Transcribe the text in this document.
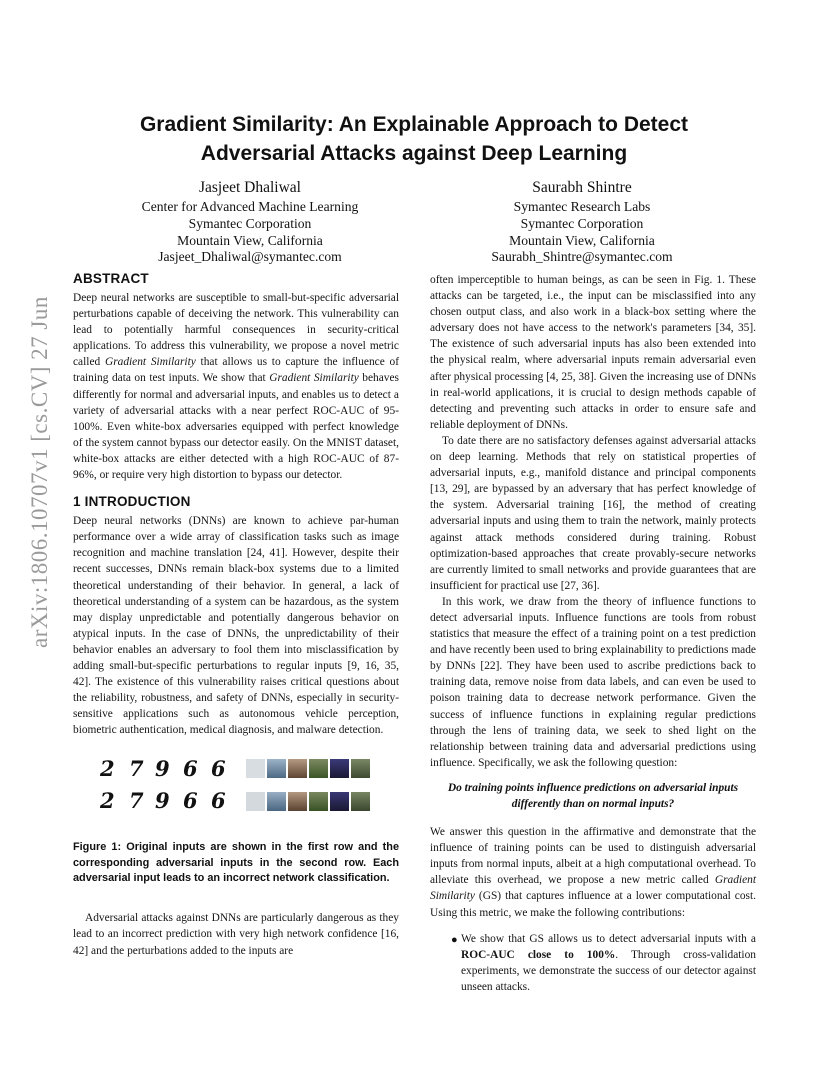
arXiv:1806.10707v1 [cs.CV] 27 Jun 2018
Gradient Similarity: An Explainable Approach to Detect
Adversarial Attacks against Deep Learning
Jasjeet Dhaliwal
Center for Advanced Machine Learning
Symantec Corporation
Mountain View, California
Jasjeet_Dhaliwal@symantec.com
Saurabh Shintre
Symantec Research Labs
Symantec Corporation
Mountain View, California
Saurabh_Shintre@symantec.com
ABSTRACT

Deep neural networks are susceptible to small-but-specific adversarial perturbations capable of deceiving the network. This vulnerability can lead to potentially harmful consequences in security-critical applications. To address this vulnerability, we propose a novel metric called Gradient Similarity that allows us to capture the influence of training data on test inputs. We show that Gradient Similarity behaves differently for normal and adversarial inputs, and enables us to detect a variety of adversarial attacks with a near perfect ROC-AUC of 95-100%. Even white-box adversaries equipped with perfect knowledge of the system cannot bypass our detector easily. On the MNIST dataset, white-box attacks are either detected with a high ROC-AUC of 87-96%, or require very high distortion to bypass our detector.

1 INTRODUCTION

Deep neural networks (DNNs) are known to achieve par-human performance over a wide array of classification tasks such as image recognition and machine translation [24, 41]. However, despite their recent successes, DNNs remain black-box systems due to a limited theoretical understanding of their behavior. In general, a lack of theoretical understanding of a system can be hazardous, as the system may display unpredictable and potentially dangerous behavior on atypical inputs. In the case of DNNs, the unpredictability of their behavior enables an adversary to fool them into misclassification by adding small-but-specific perturbations to regular inputs [9, 16, 35, 42]. The existence of this vulnerability raises critical questions about the reliability, robustness, and safety of DNNs, especially in security-sensitive applications such as autonomous vehicle perception, biometric authentication, medical diagnosis, and malware detection.

2 7 9 6 6
2 7 9 6 6

Figure 1: Original inputs are shown in the first row and the corresponding adversarial inputs in the second row. Each adversarial input leads to an incorrect network classification.

Adversarial attacks against DNNs are particularly dangerous as they lead to an incorrect prediction with very high network confidence [16, 42] and the perturbations added to the inputs are

often imperceptible to human beings, as can be seen in Fig. 1. These attacks can be targeted, i.e., the input can be misclassified into any chosen output class, and also work in a black-box setting where the adversary does not have access to the network's parameters [34, 35]. The existence of such adversarial inputs has also been extended into the physical realm, where adversarial inputs remain adversarial even after physical processing [4, 25, 38]. Given the increasing use of DNNs in real-world applications, it is crucial to design methods capable of detecting and preventing such attacks in order to ensure safe and reliable deployment of DNNs.

To date there are no satisfactory defenses against adversarial attacks on deep learning. Methods that rely on statistical properties of adversarial inputs, e.g., manifold distance and principal components [13, 29], are bypassed by an adversary that has perfect knowledge of the system. Adversarial training [16], the method of creating adversarial inputs and using them to train the network, mainly protects against attack methods considered during training. Robust optimization-based approaches that create provably-secure networks are currently limited to small networks and provide guarantees that are insufficient for practical use [27, 36].

In this work, we draw from the theory of influence functions to detect adversarial inputs. Influence functions are tools from robust statistics that measure the effect of a training point on a test prediction and have recently been used to bring explainability to predictions made by DNNs [22]. They have been used to ascribe predictions back to training data, remove noise from data labels, and can even be used to poison training data to decrease network performance. Given the success of influence functions in explaining regular predictions through the lens of training data, we seek to shed light on the relationship between training data and adversarial predictions using influence. Specifically, we ask the following question:

Do training points influence predictions on adversarial inputs differently than on normal inputs?

We answer this question in the affirmative and demonstrate that the influence of training points can be used to distinguish adversarial inputs from normal inputs, albeit at a high computational overhead. To alleviate this overhead, we propose a new metric called Gradient Similarity (GS) that captures influence at a lower computational cost. Using this metric, we make the following contributions:

● We show that GS allows us to detect adversarial inputs with a ROC-AUC close to 100%. Through cross-validation experiments, we demonstrate the success of our detector against unseen attacks.
